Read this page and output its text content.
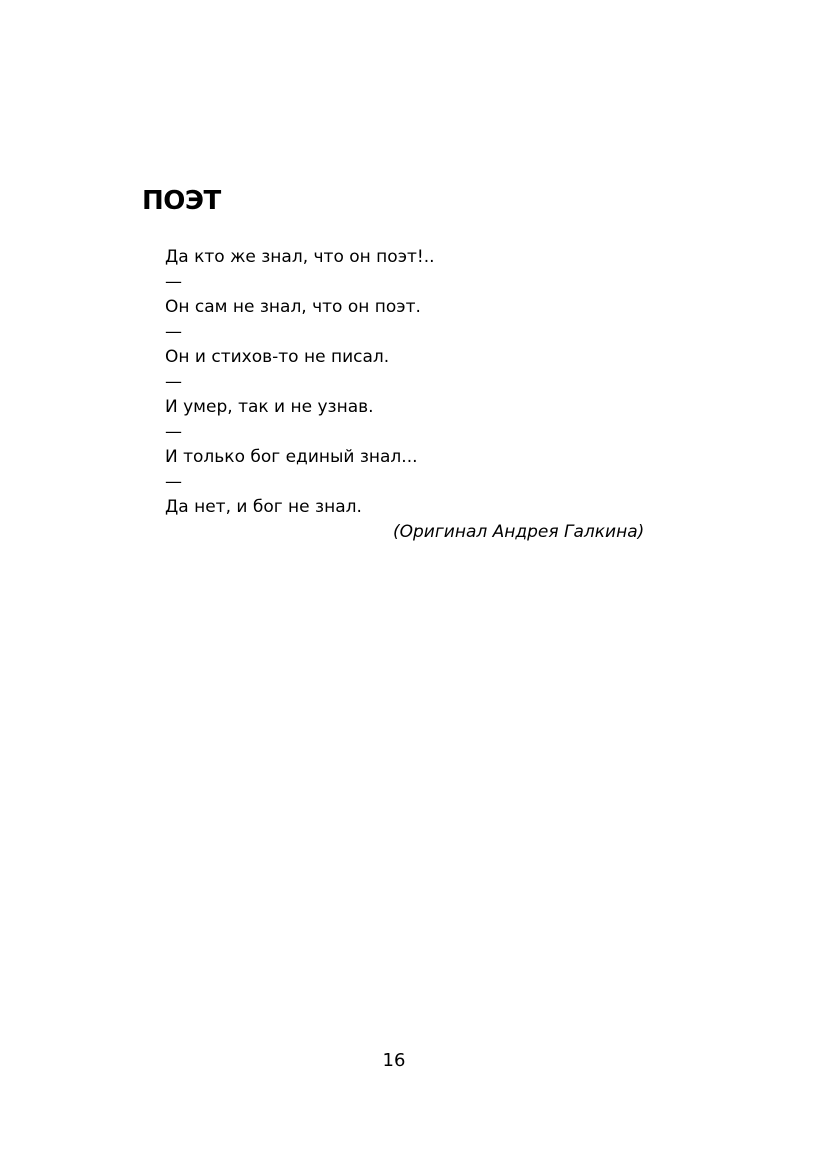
ПОЭТ
Да кто же знал, что он поэт!..
—
Он сам не знал, что он поэт.
—
Он и стихов-то не писал.
—
И умер, так и не узнав.
—
И только бог единый знал...
—
Да нет, и бог не знал.
(Оригинал Андрея Галкина)
16
